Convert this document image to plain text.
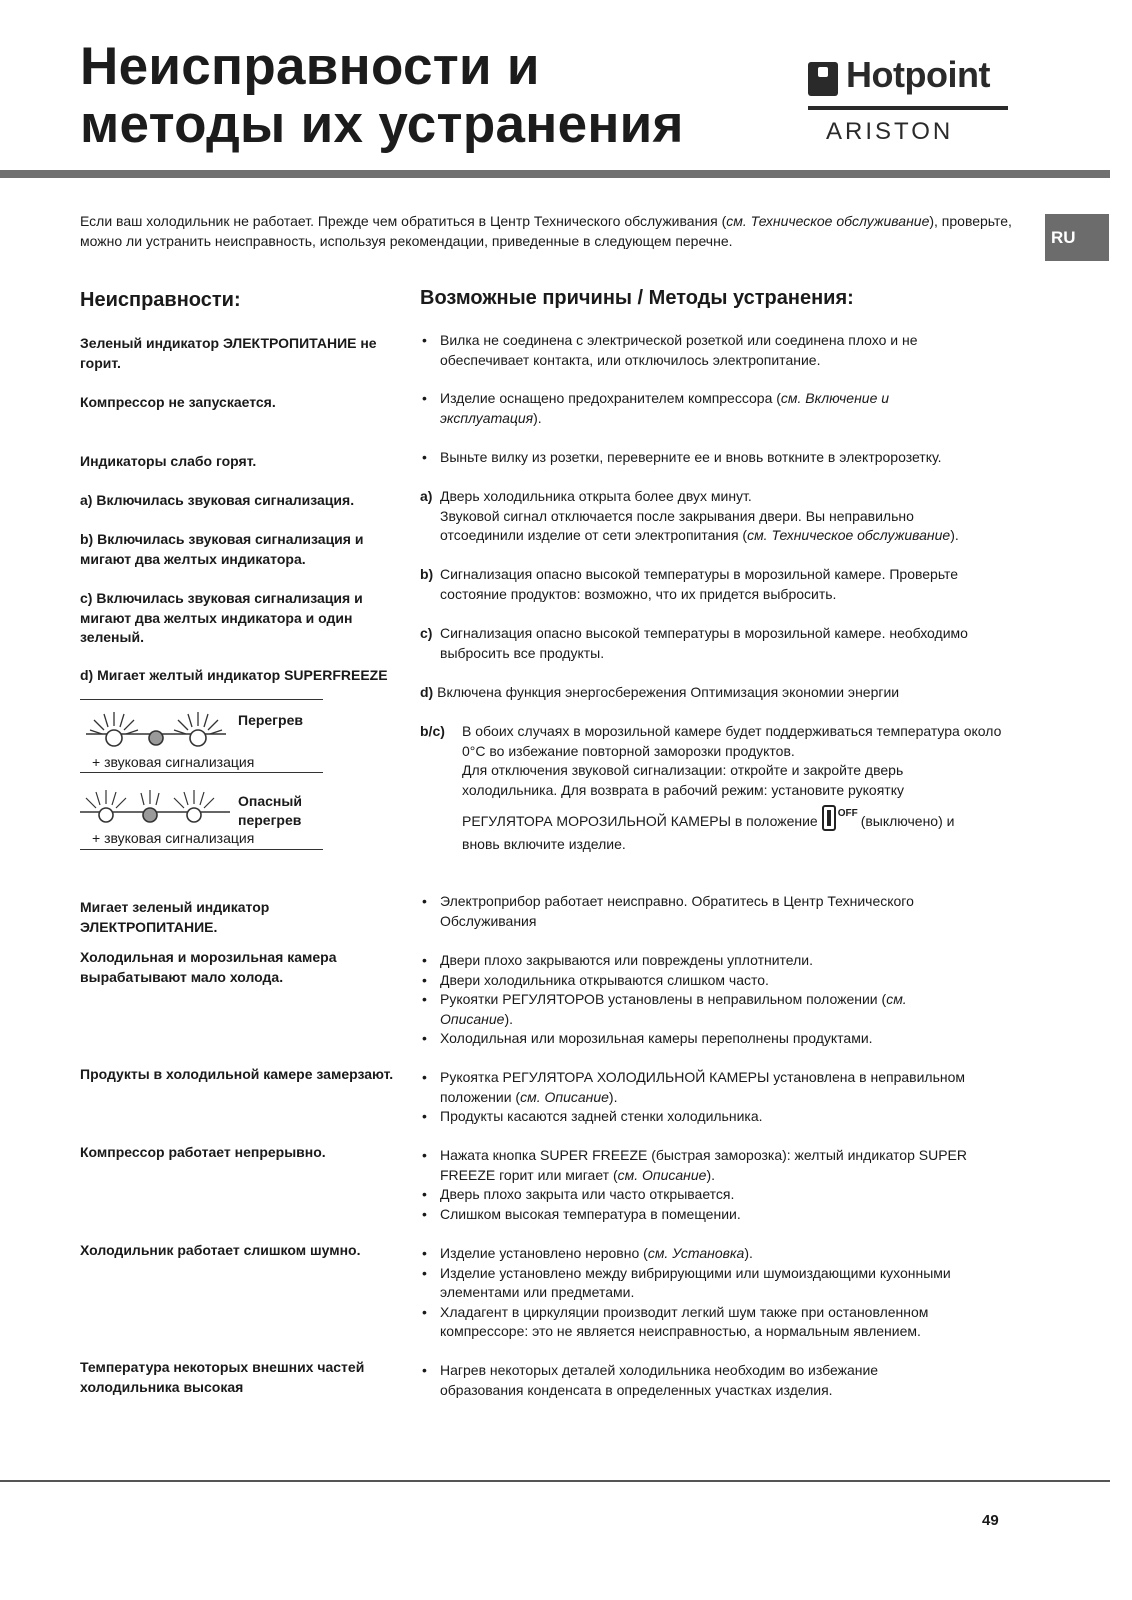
Неисправности и
методы их устранения
Hotpoint
ARISTON
RU
Если ваш холодильник не работает. Прежде чем обратиться в Центр Технического обслуживания (см. Техническое обслуживание), проверьте, можно ли устранить неисправность, используя рекомендации, приведенные в следующем перечне.
Неисправности:	Возможные причины / Методы устранения:
Зеленый индикатор ЭЛЕКТРОПИТАНИЕ не горит.
Компрессор не запускается.
Индикаторы слабо горят.
a) Включилась звуковая сигнализация.
b) Включилась звуковая сигнализация и мигают два желтых индикатора.
c) Включилась звуковая сигнализация и мигают два желтых индикатора и один зеленый.
d) Мигает желтый индикатор SUPERFREEZE
Перегрев
+ звуковая сигнализация
Опасный перегрев
+ звуковая сигнализация
Мигает зеленый индикатор ЭЛЕКТРОПИТАНИЕ.
Холодильная и морозильная камера вырабатывают мало холода.
Продукты в холодильной камере замерзают.
Компрессор работает непрерывно.
Холодильник работает слишком шумно.
Температура некоторых внешних частей холодильника высокая
• Вилка не соединена с электрической розеткой или соединена плохо и не обеспечивает контакта, или отключилось электропитание.
• Изделие оснащено предохранителем компрессора (см. Включение и эксплуатация).
• Выньте вилку из розетки, переверните ее и вновь воткните в электророзетку.
a) Дверь холодильника открыта более двух минут.
Звуковой сигнал отключается после закрывания двери. Вы неправильно отсоединили изделие от сети электропитания (см. Техническое обслуживание).
b) Сигнализация опасно высокой температуры в морозильной камере. Проверьте состояние продуктов: возможно, что их придется выбросить.
c) Сигнализация опасно высокой температуры в морозильной камере. необходимо выбросить все продукты.
d) Включена функция энергосбережения Оптимизация экономии энергии
b/c) В обоих случаях в морозильной камере будет поддерживаться температура около 0°С во избежание повторной заморозки продуктов.
Для отключения звуковой сигнализации: откройте и закройте дверь холодильника. Для возврата в рабочий режим: установите рукоятку
РЕГУЛЯТОРА МОРОЗИЛЬНОЙ КАМЕРЫ в положение $^{OFF}$ (выключено) и
вновь включите изделие.
• Электроприбор работает неисправно. Обратитесь в Центр Технического Обслуживания
• Двери плохо закрываются или повреждены уплотнители.
• Двери холодильника открываются слишком часто.
• Рукоятки РЕГУЛЯТОРОВ установлены в неправильном положении (см. Описание).
• Холодильная или морозильная камеры переполнены продуктами.
• Рукоятка РЕГУЛЯТОРА ХОЛОДИЛЬНОЙ КАМЕРЫ установлена в неправильном положении (см. Описание).
• Продукты касаются задней стенки холодильника.
• Нажата кнопка SUPER FREEZE (быстрая заморозка): желтый индикатор SUPER FREEZE горит или мигает (см. Описание).
• Дверь плохо закрыта или часто открывается.
• Слишком высокая температура в помещении.
• Изделие установлено неровно (см. Установка).
• Изделие установлено между вибрирующими или шумоиздающими кухонными элементами или предметами.
• Хладагент в циркуляции производит легкий шум также при остановленном компрессоре: это не является неисправностью, а нормальным явлением.
• Нагрев некоторых деталей холодильника необходим во избежание образования конденсата в определенных участках изделия.
49
